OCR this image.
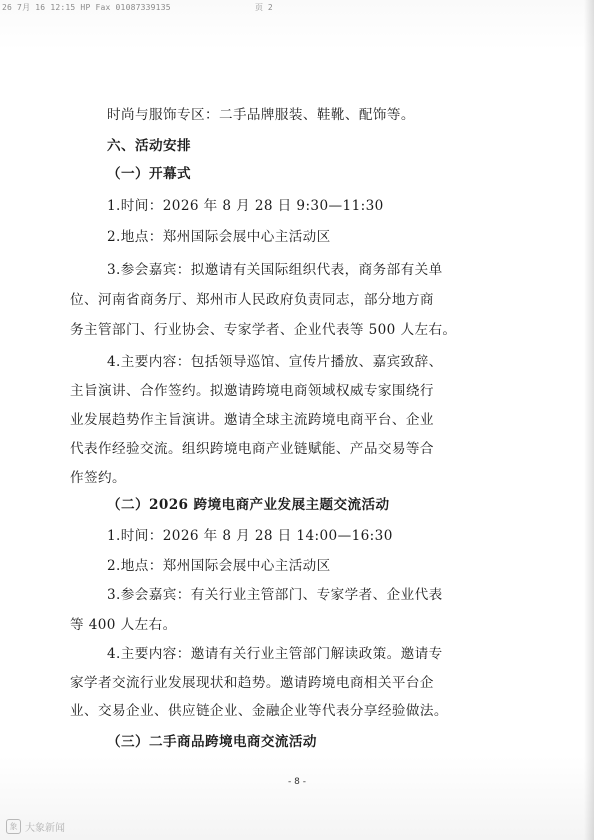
26 7月 16 12:15 HP Fax 01087339135	页 2
时尚与服饰专区：二手品牌服装、鞋靴、配饰等。
六、活动安排
（一）开幕式
1.时间：2026 年 8 月 28 日 9:30—11:30
2.地点：郑州国际会展中心主活动区
3.参会嘉宾：拟邀请有关国际组织代表，商务部有关单
位、河南省商务厅、郑州市人民政府负责同志，部分地方商
务主管部门、行业协会、专家学者、企业代表等 500 人左右。
4.主要内容：包括领导巡馆、宣传片播放、嘉宾致辞、
主旨演讲、合作签约。拟邀请跨境电商领域权威专家围绕行
业发展趋势作主旨演讲。邀请全球主流跨境电商平台、企业
代表作经验交流。组织跨境电商产业链赋能、产品交易等合
作签约。
（二）2026 跨境电商产业发展主题交流活动
1.时间：2026 年 8 月 28 日 14:00—16:30
2.地点：郑州国际会展中心主活动区
3.参会嘉宾：有关行业主管部门、专家学者、企业代表
等 400 人左右。
4.主要内容：邀请有关行业主管部门解读政策。邀请专
家学者交流行业发展现状和趋势。邀请跨境电商相关平台企
业、交易企业、供应链企业、金融企业等代表分享经验做法。
（三）二手商品跨境电商交流活动
- 8 -
象 大象新闻
